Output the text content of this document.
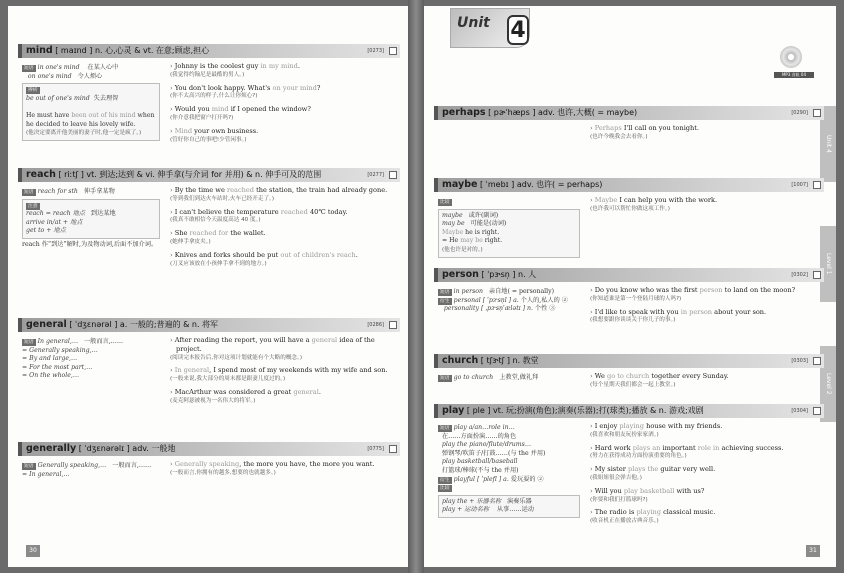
mind [ maɪnd ] n. 心,心灵 & vt. 在意;顾虑,担心	[0273]
短语 in one's mind    在某人心中
on one's mind   令人烦心
辨析
be out of one's mind  失去理智

He must have been out of his mind when he decided to leave his lovely wife.
(他决定要离开他美丽的妻子时,他一定是疯了。)
› Johnny is the coolest guy in my mind.
(我觉得约翰尼是最酷的男人。)
› You don't look happy. What's on your mind?
(你不太高兴的样子,什么让你烦心?)
› Would you mind if I opened the window?
(你介意我把窗户打开吗?)
› Mind your own business.
(管好你自己的事吧!少管闲事。)
reach [ riːtʃ ] vt. 到达;达到 & vi. 伸手拿(与介词 for 并用) & n. 伸手可及的范围	[0277]
短语 reach for sth   伸手拿某物
注意
reach = reach 地点   到达某地
arrive in/at + 地点
get to + 地点
reach 作“到达”解时,为及物动词,后面不加介词。
› By the time we reached the station, the train had already gone.
(等到我们到达火车站时,火车已经开走了。)
› I can't believe the temperature reached 40℃ today.
(我真不敢相信今天温度高达 40 度。)
› She reached for the wallet.
(她伸手拿皮夹。)
› Knives and forks should be put out of children's reach.
(刀叉应该放在小孩伸手拿不到的地方。)
general [ ˈdʒɛnərəl ] a. 一般的;普遍的 & n. 将军	[0286]
短语 In general,…   一般而言,……
= Generally speaking,…
= By and large,…
= For the most part,…
= On the whole,…
› After reading the report, you will have a general idea of the project.
(阅读完本报告后,你对这项计划就能有个大略的概念。)
› In general, I spend most of my weekends with my wife and son.
(一般来说,我大部分的周末都是跟妻儿度过的。)
› MacArthur was considered a great general.
(麦克阿瑟被视为一名伟大的将军。)
generally [ ˈdʒɛnərəlɪ ] adv. 一般地	[0775]
短语 Generally speaking,…   一般而言,……
= In general,…
› Generally speaking, the more you have, the more you want.
(一般而言,你拥有的越多,想要的也就越多。)
30
Unit 4
MP3 音轨 04
Unit 4
Level 1
Level 2
perhaps [ pɚˈhæps ] adv. 也许,大概( = maybe)	[0290]
› Perhaps I'll call on you tonight.
(也许今晚我会去看你。)
maybe [ ˈmebɪ ] adv. 也许( = perhaps)	[1007]
比较
maybe   或许(副词)
may be   可能是(动词)
Maybe he is right.
= He may be right.
(他也许是对的。)
› Maybe I can help you with the work.
(也许我可以帮忙你做这项工作。)
person [ ˈpɝsn̩ ] n. 人	[0302]
短语 in person   亲自地( = personally)
衍生 personal [ ˈpɝsn̩l ] a. 个人的,私人的 ②
personality [ ˌpɝsn̩ˈælətɪ ] n. 个性 ③
› Do you know who was the first person to land on the moon?
(你知道谁是第一个登陆月球的人吗?)
› I'd like to speak with you in person about your son.
(我想要跟你谈谈关于你儿子的事。)
church [ tʃɝtʃ ] n. 教堂	[0303]
短语 go to church   上教堂,做礼拜
›	We go to church together every Sunday.
(每个星期天我们都会一起上教堂。)
play [ ple ] vt. 玩;扮演(角色);演奏(乐器);打(球类);播放 & n. 游戏;戏剧	[0304]
短语 play a/an…role in…
在……方面扮演……的角色
play the piano/flute/drums…
弹钢琴/吹笛子/打鼓……(与 the 并用)
play basketball/baseball
打篮球/棒球(不与 the 并用)
衍生 playful [ ˈplefl ] a. 爱玩耍的 ②
比较
play the + 乐器名称   演奏乐器
play + 运动名称    从事……运动
› I enjoy playing house with my friends.
(我喜欢和朋友玩扮家家酒。)
› Hard work plays an important role in achieving success.
(努力在获得成功方面扮演重要的角色。)
› My sister plays the guitar very well.
(我姐姐很会弹吉他。)
› Will you play basketball with us?
(你要和我们打篮球吗?)
› The radio is playing classical music.
(收音机正在播放古典音乐。)
31
